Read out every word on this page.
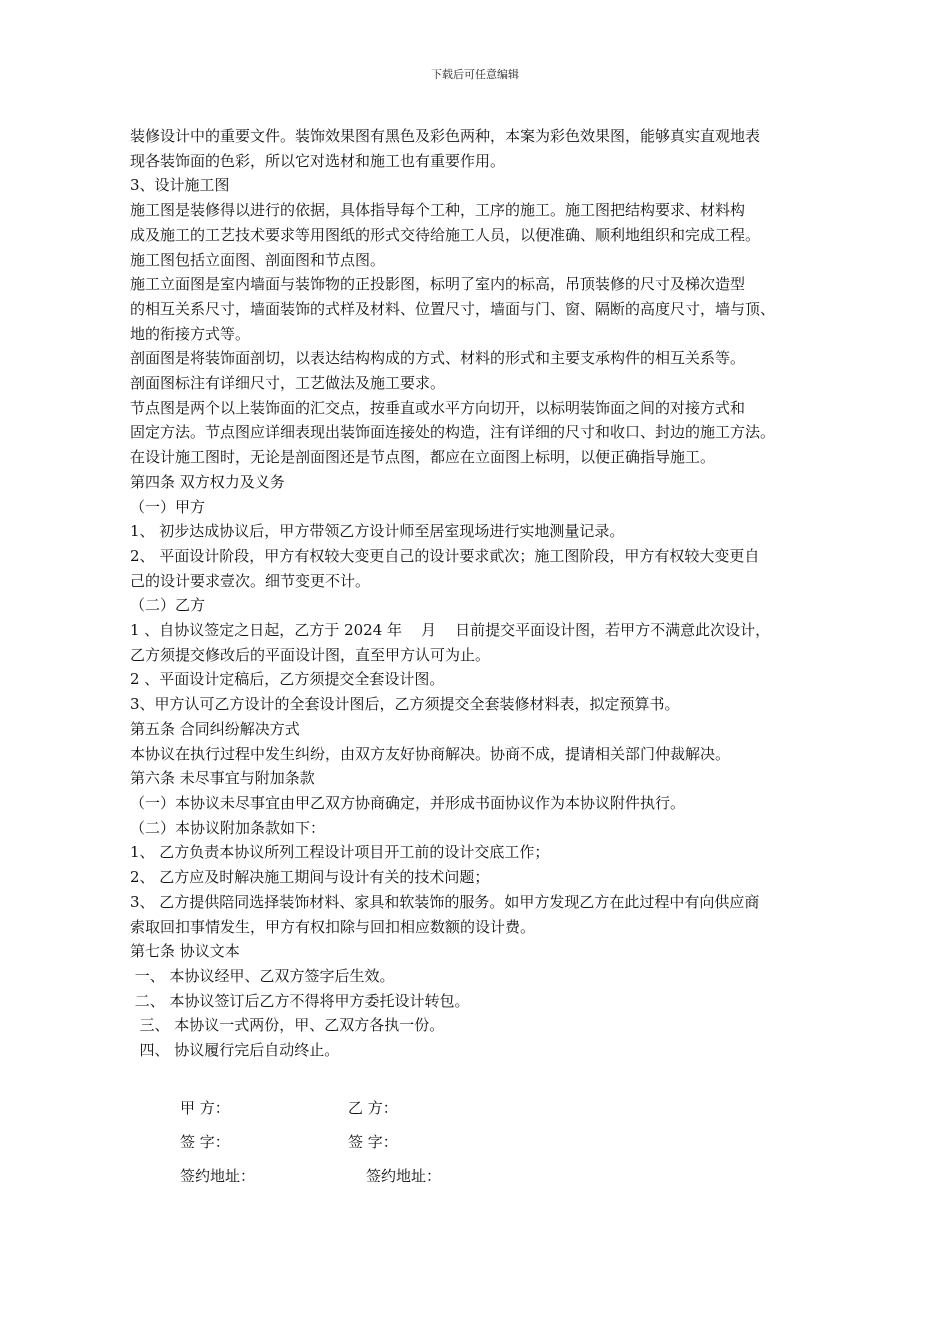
下载后可任意编辑
装修设计中的重要文件。装饰效果图有黑色及彩色两种，本案为彩色效果图，能够真实直观地表
现各装饰面的色彩，所以它对选材和施工也有重要作用。
3、设计施工图
施工图是装修得以进行的依据，具体指导每个工种，工序的施工。施工图把结构要求、材料构
成及施工的工艺技术要求等用图纸的形式交待给施工人员，以便准确、顺利地组织和完成工程。
施工图包括立面图、剖面图和节点图。
施工立面图是室内墙面与装饰物的正投影图，标明了室内的标高，吊顶装修的尺寸及梯次造型
的相互关系尺寸，墙面装饰的式样及材料、位置尺寸，墙面与门、窗、隔断的高度尺寸，墙与顶、
地的衔接方式等。
剖面图是将装饰面剖切，以表达结构构成的方式、材料的形式和主要支承构件的相互关系等。
剖面图标注有详细尺寸，工艺做法及施工要求。
节点图是两个以上装饰面的汇交点，按垂直或水平方向切开，以标明装饰面之间的对接方式和
固定方法。节点图应详细表现出装饰面连接处的构造，注有详细的尺寸和收口、封边的施工方法。
在设计施工图时，无论是剖面图还是节点图，都应在立面图上标明，以便正确指导施工。
第四条 双方权力及义务
（一）甲方
1、 初步达成协议后，甲方带领乙方设计师至居室现场进行实地测量记录。
2、 平面设计阶段，甲方有权较大变更自己的设计要求貮次；施工图阶段，甲方有权较大变更自
己的设计要求壹次。细节变更不计。
（二）乙方
1 、自协议签定之日起，乙方于 2024 年    月    日前提交平面设计图，若甲方不满意此次设计，
乙方须提交修改后的平面设计图，直至甲方认可为止。
2 、平面设计定稿后，乙方须提交全套设计图。
3、甲方认可乙方设计的全套设计图后，乙方须提交全套装修材料表，拟定预算书。
第五条 合同纠纷解决方式
本协议在执行过程中发生纠纷，由双方友好协商解决。协商不成，提请相关部门仲裁解决。
第六条 未尽事宜与附加条款
（一）本协议未尽事宜由甲乙双方协商确定，并形成书面协议作为本协议附件执行。
（二）本协议附加条款如下：
1、 乙方负责本协议所列工程设计项目开工前的设计交底工作；
2、 乙方应及时解决施工期间与设计有关的技术问题；
3、 乙方提供陪同选择装饰材料、家具和软装饰的服务。如甲方发现乙方在此过程中有向供应商
索取回扣事情发生，甲方有权扣除与回扣相应数额的设计费。
第七条 协议文本
一、 本协议经甲、乙双方签字后生效。
二、 本协议签订后乙方不得将甲方委托设计转包。
三、 本协议一式两份，甲、乙双方各执一份。
四、 协议履行完后自动终止。
甲 方：	乙 方：
签 字：	签 字：
签约地址：	签约地址：
